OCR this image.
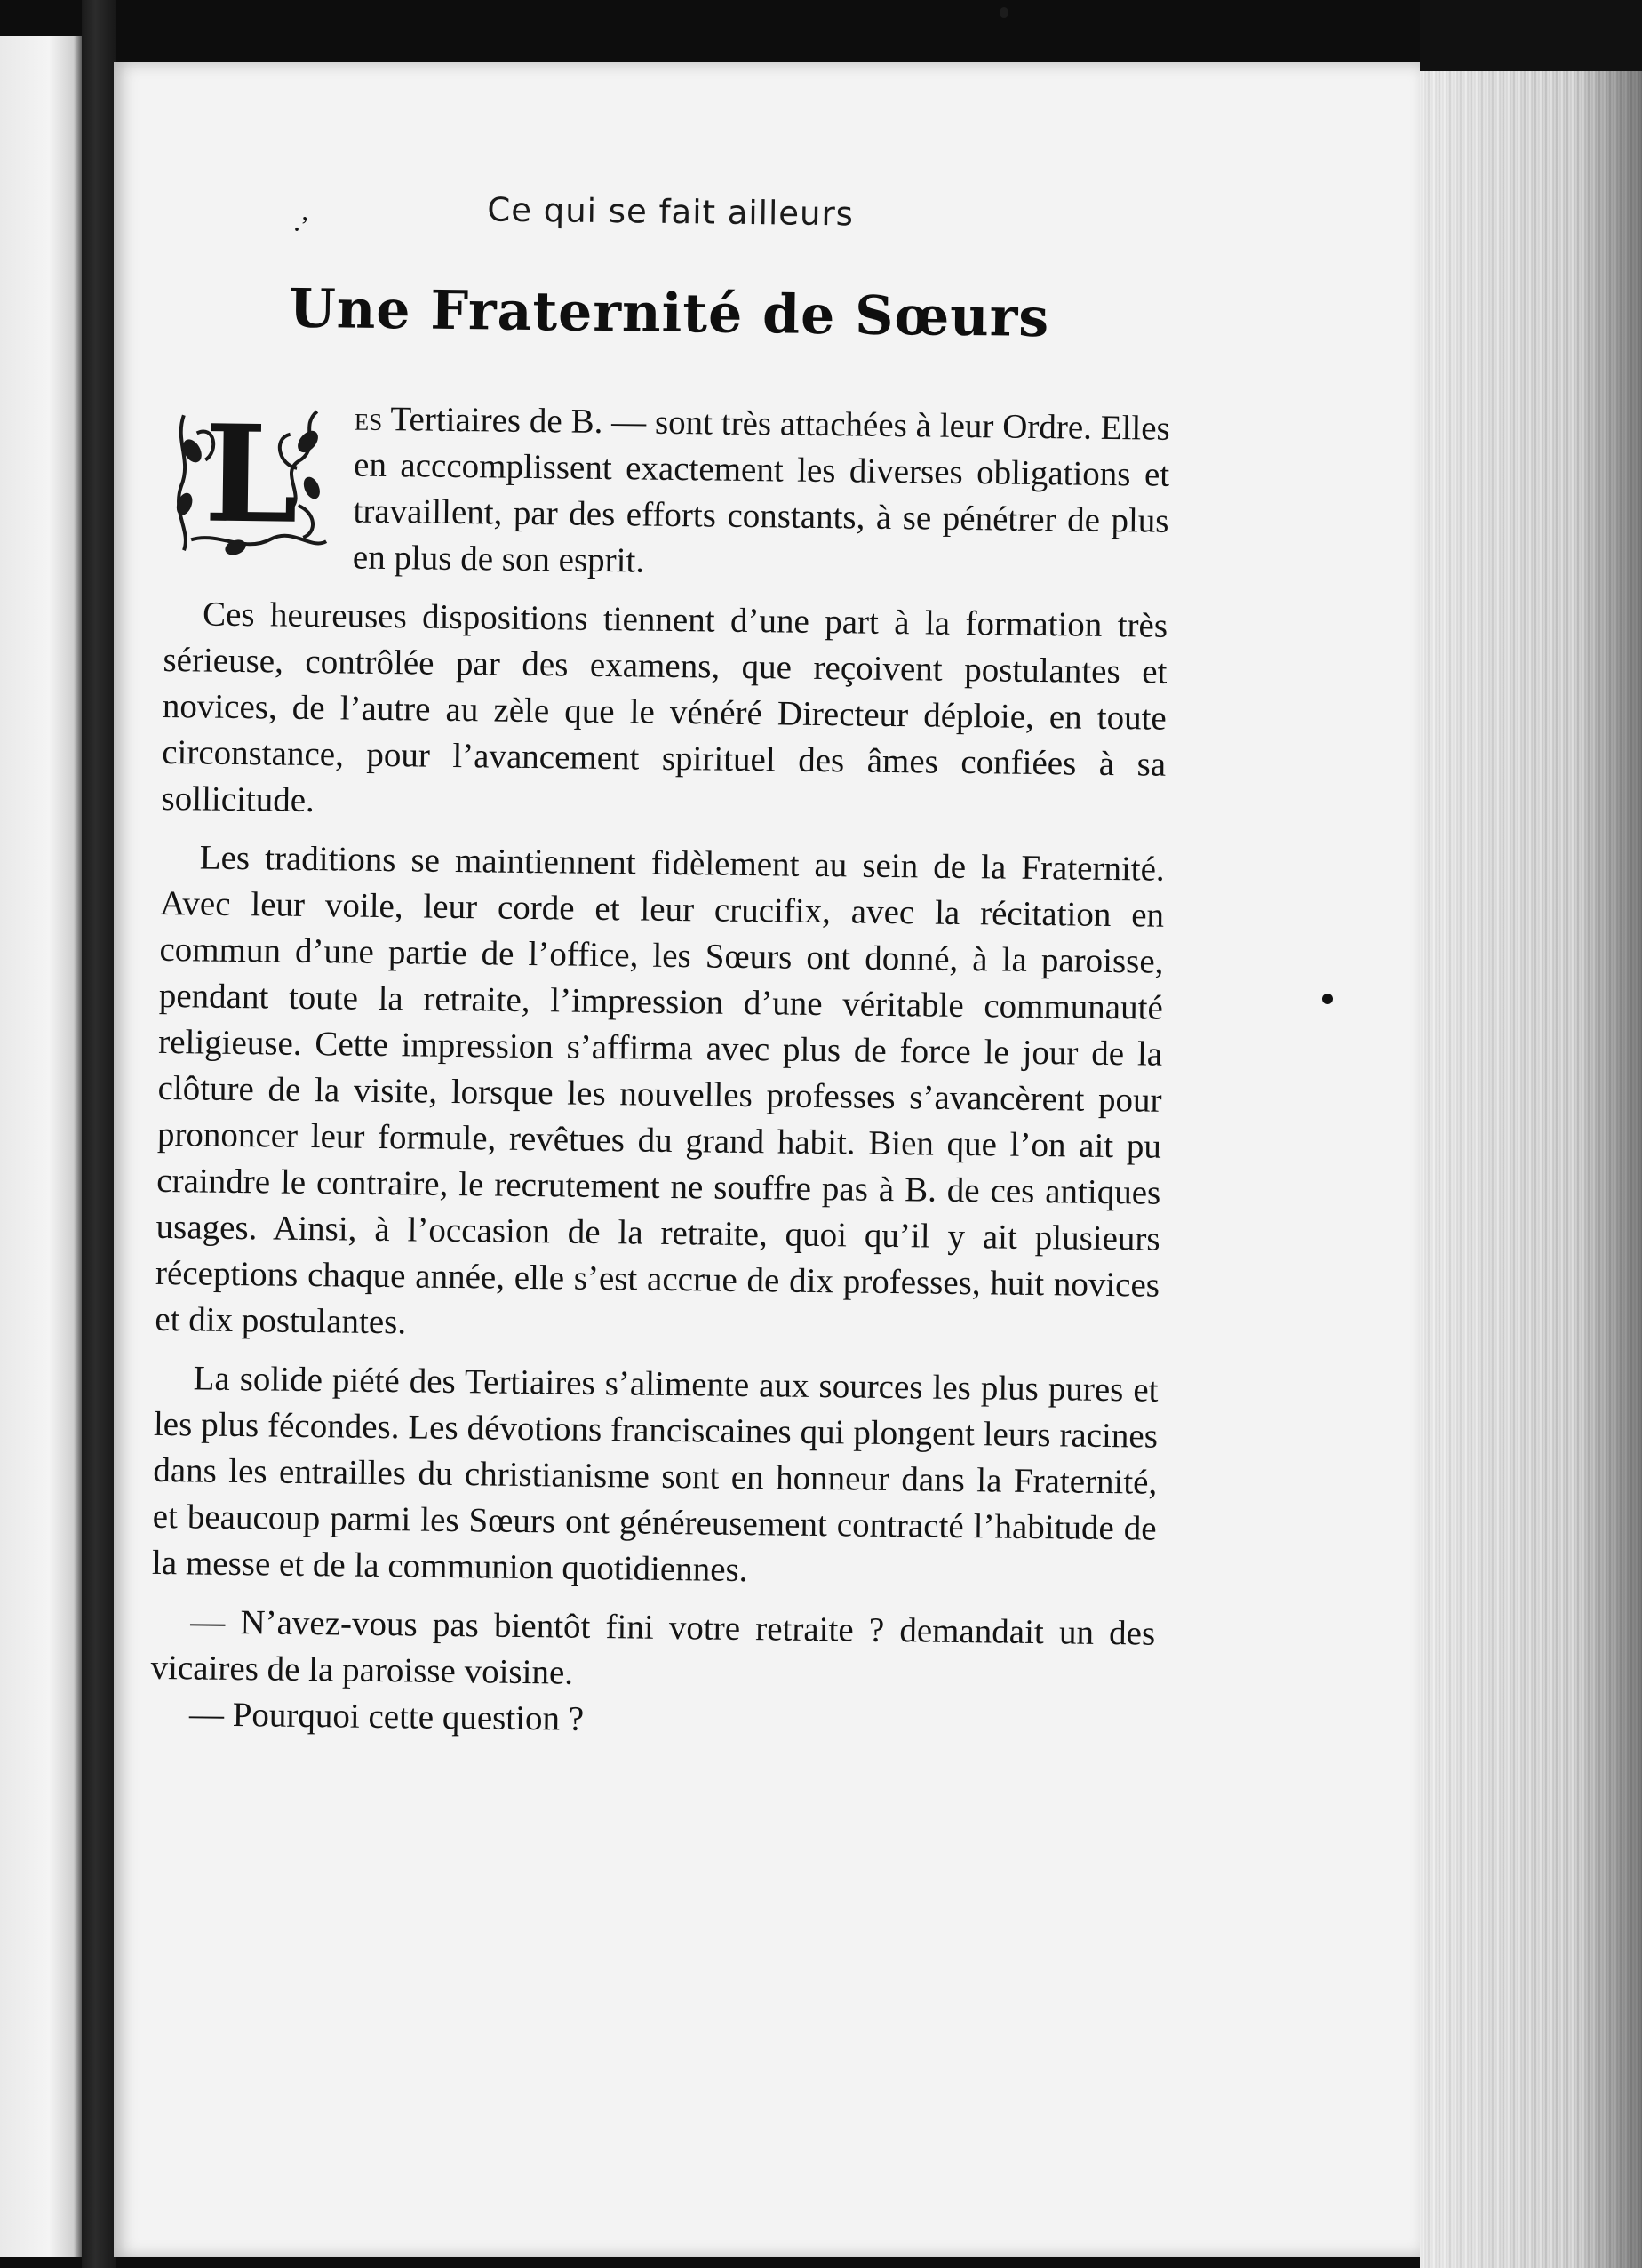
⸳ʼ	Ce qui se fait ailleurs
Une Fraternité de Sœurs

L es Tertiaires de B. — sont très attachées à leur Ordre. Elles en acccomplissent exactement les diverses obligations et travaillent, par des efforts constants, à se pénétrer de plus en plus de son esprit.

Ces heureuses dispositions tiennent d’une part à la formation très sérieuse, contrôlée par des examens, que reçoivent postulantes et novices, de l’autre au zèle que le vénéré Directeur déploie, en toute circonstance, pour l’avancement spirituel des âmes confiées à sa sollicitude.

Les traditions se maintiennent fidèlement au sein de la Fraternité. Avec leur voile, leur corde et leur crucifix, avec la récitation en commun d’une partie de l’office, les Sœurs ont donné, à la paroisse, pendant toute la retraite, l’impression d’une véritable communauté religieuse. Cette impression s’affirma avec plus de force le jour de la clôture de la visite, lorsque les nouvelles professes s’avancèrent pour prononcer leur formule, revêtues du grand habit. Bien que l’on ait pu craindre le contraire, le recrutement ne souffre pas à B. de ces antiques usages. Ainsi, à l’occasion de la retraite, quoi qu’il y ait plusieurs réceptions chaque année, elle s’est accrue de dix professes, huit novices et dix postulantes.

La solide piété des Tertiaires s’alimente aux sources les plus pures et les plus fécondes. Les dévotions franciscaines qui plongent leurs racines dans les entrailles du christianisme sont en honneur dans la Fraternité, et beaucoup parmi les Sœurs ont généreusement contracté l’habitude de la messe et de la communion quotidiennes.

— N’avez-vous pas bientôt fini votre retraite ? demandait un des vicaires de la paroisse voisine.

— Pourquoi cette question ?
